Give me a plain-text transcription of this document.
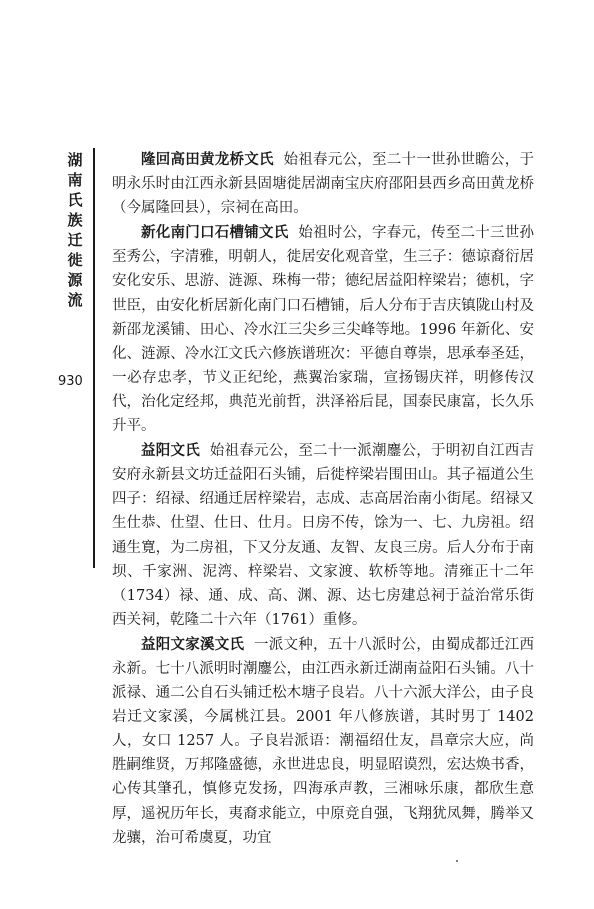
湖南氏族迁徙源流
930

隆回高田黄龙桥文氏 始祖春元公，至二十一世孙世瞻公，于明永乐时由江西永新县固塘徙居湖南宝庆府邵阳县西乡高田黄龙桥（今属隆回县），宗祠在高田。

新化南门口石槽铺文氏 始祖时公，字春元，传至二十三世孙至秀公，字清雅，明朝人，徙居安化观音堂，生三子：德谅裔衍居安化安乐、思游、涟源、珠梅一带；德纪居益阳梓梁岩；德机，字世臣，由安化析居新化南门口石槽铺，后人分布于吉庆镇陇山村及新邵龙溪铺、田心、冷水江三尖乡三尖峰等地。1996 年新化、安化、涟源、冷水江文氏六修族谱班次：平德自尊崇，思承奉圣廷，一必存忠孝，节义正纪纶，燕翼治家瑞，宣扬锡庆祥，明修传汉代，治化定经邦，典范光前哲，洪泽裕后昆，国泰民康富，长久乐升平。

益阳文氏 始祖春元公，至二十一派潮鏖公，于明初自江西吉安府永新县文坊迁益阳石头铺，后徙梓梁岩围田山。其子福道公生四子：绍禄、绍通迁居梓梁岩，志成、志高居治南小街尾。绍禄又生仕恭、仕望、仕日、仕月。日房不传，馀为一、七、九房祖。绍通生寛，为二房祖，下又分友通、友智、友良三房。后人分布于南坝、千家洲、泥湾、梓梁岩、文家渡、软桥等地。清雍正十二年（1734）禄、通、成、高、渊、源、达七房建总祠于益治常乐街西关祠，乾隆二十六年（1761）重修。

益阳文家溪文氏 一派文种，五十八派时公，由蜀成都迁江西永新。七十八派明时潮鏖公，由江西永新迁湖南益阳石头铺。八十派禄、通二公自石头铺迁松木塘子良岩。八十六派大洋公，由子良岩迁文家溪，今属桃江县。2001 年八修族谱，其时男丁 1402 人，女口 1257 人。子良岩派语：潮福绍仕友，昌章宗大应，尚胜嗣维贤，万邦隆盛德，永世进忠良，明显昭谟烈，宏达焕书香，心传其肇孔，慎修克发扬，四海承声教，三湘咏乐康，都欣生意厚，遥祝历年长，夷裔求能立，中原竞自强，飞翔犹凤舞，腾举又龙骧，治可希虞夏，功宜
